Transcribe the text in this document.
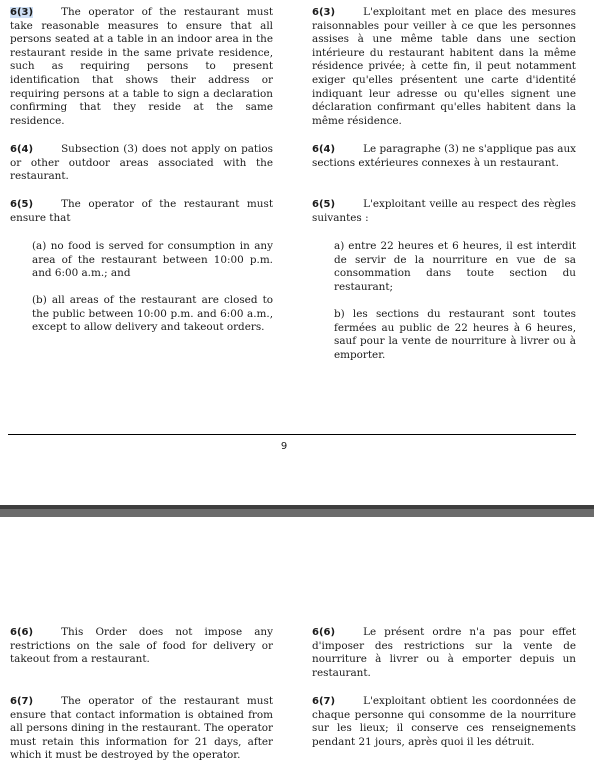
6(3)	The operator of the restaurant must take reasonable measures to ensure that all persons seated at a table in an indoor area in the restaurant reside in the same private residence, such as requiring persons to present identification that shows their address or requiring persons at a table to sign a declaration confirming that they reside at the same residence.
6(4)	Subsection (3) does not apply on patios or other outdoor areas associated with the restaurant.
6(5)	The operator of the restaurant must ensure that
(a) no food is served for consumption in any area of the restaurant between 10:00 p.m. and 6:00 a.m.; and
(b) all areas of the restaurant are closed to the public between 10:00 p.m. and 6:00 a.m., except to allow delivery and takeout orders.
6(3)	L'exploitant met en place des mesures raisonnables pour veiller à ce que les personnes assises à une même table dans une section intérieure du restaurant habitent dans la même résidence privée; à cette fin, il peut notamment exiger qu'elles présentent une carte d'identité indiquant leur adresse ou qu'elles signent une déclaration confirmant qu'elles habitent dans la même résidence.
6(4)	Le paragraphe (3) ne s'applique pas aux sections extérieures connexes à un restaurant.
6(5)	L'exploitant veille au respect des règles suivantes :
a) entre 22 heures et 6 heures, il est interdit de servir de la nourriture en vue de sa consommation dans toute section du restaurant;
b) les sections du restaurant sont toutes fermées au public de 22 heures à 6 heures, sauf pour la vente de nourriture à livrer ou à emporter.
9
6(6)	This Order does not impose any restrictions on the sale of food for delivery or takeout from a restaurant.
6(7)	The operator of the restaurant must ensure that contact information is obtained from all persons dining in the restaurant. The operator must retain this information for 21 days, after which it must be destroyed by the operator.
6(6)	Le présent ordre n'a pas pour effet d'imposer des restrictions sur la vente de nourriture à livrer ou à emporter depuis un restaurant.
6(7)	L'exploitant obtient les coordonnées de chaque personne qui consomme de la nourriture sur les lieux; il conserve ces renseignements pendant 21 jours, après quoi il les détruit.
